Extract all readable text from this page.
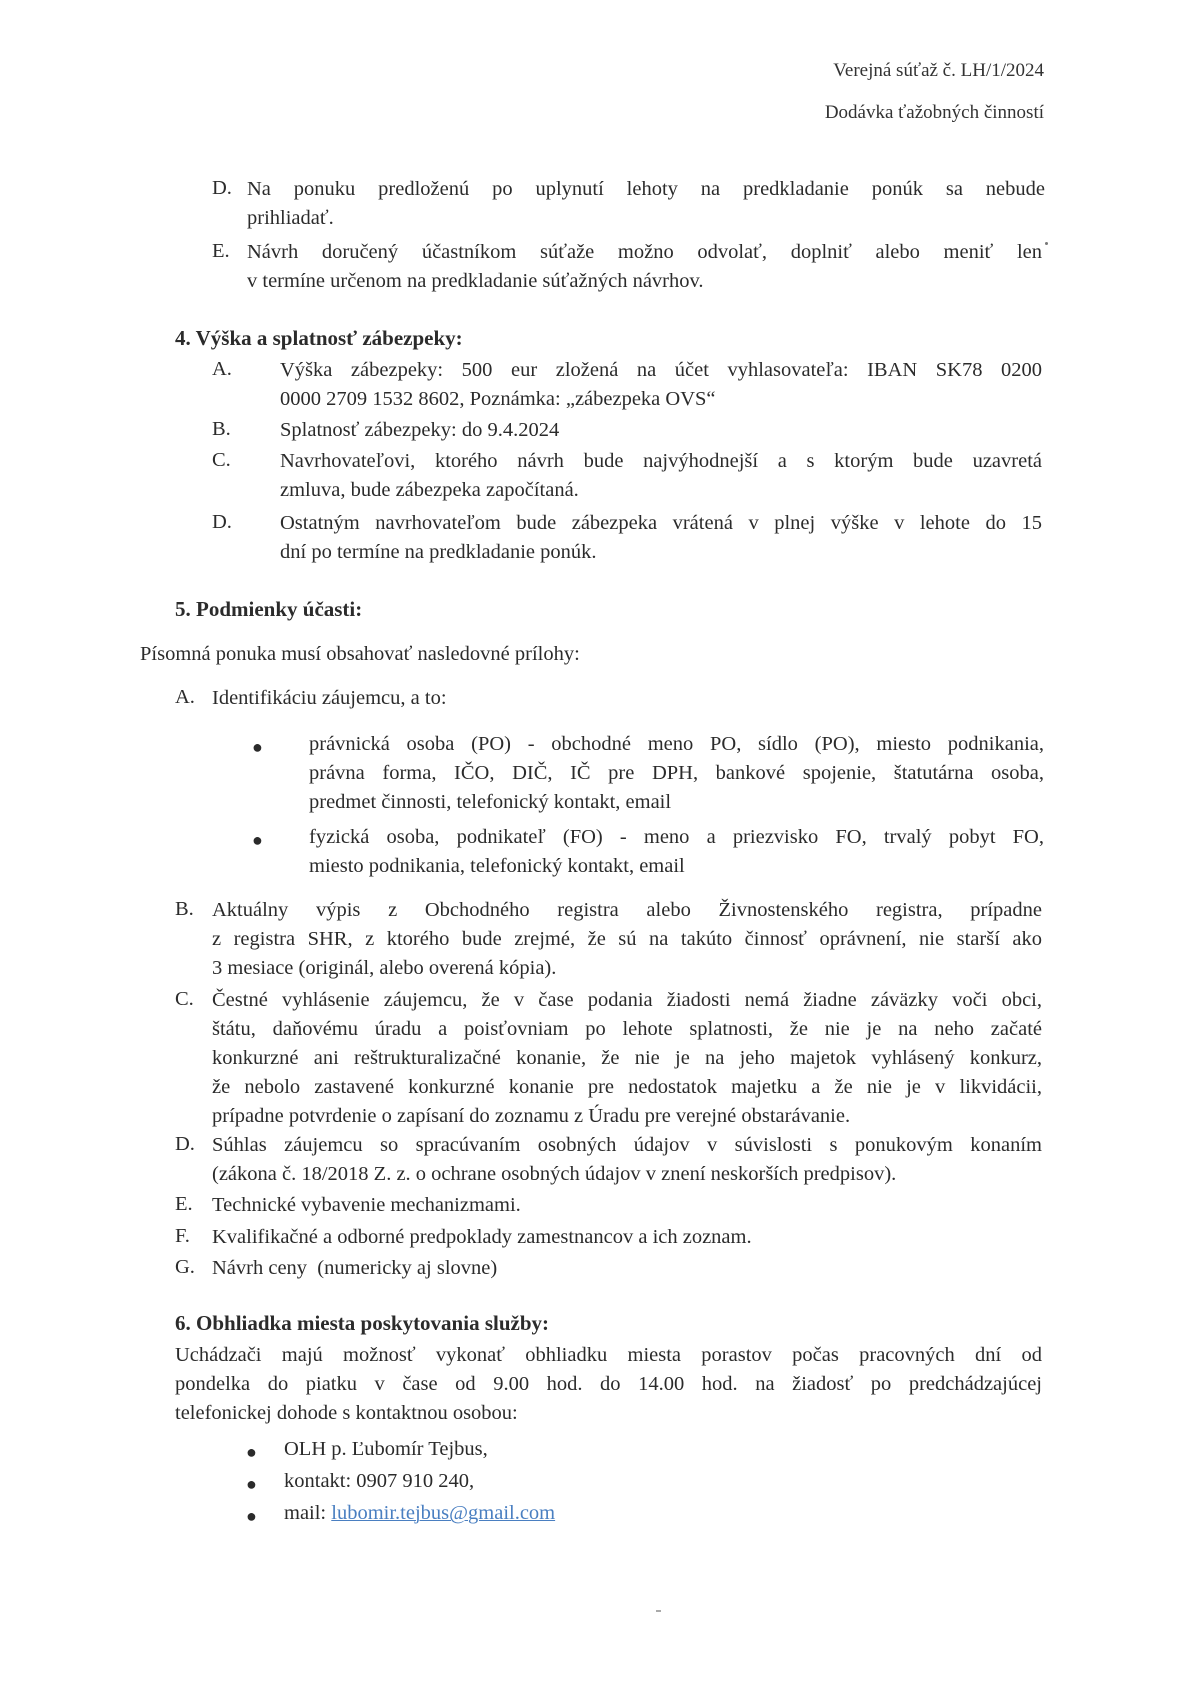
Verejná súťaž č. LH/1/2024
Dodávka ťažobných činností
D. Na ponuku predloženú po uplynutí lehoty na predkladanie ponúk sa nebude
prihliadať.
E. Návrh doručený účastníkom súťaže možno odvolať, doplniť alebo meniť len
v termíne určenom na predkladanie súťažných návrhov.
4. Výška a splatnosť zábezpeky:
A. Výška zábezpeky: 500 eur zložená na účet vyhlasovateľa: IBAN SK78 0200
0000 2709 1532 8602, Poznámka: „zábezpeka OVS“
B. Splatnosť zábezpeky: do 9.4.2024
C. Navrhovateľovi, ktorého návrh bude najvýhodnejší a s ktorým bude uzavretá
zmluva, bude zábezpeka započítaná.
D. Ostatným navrhovateľom bude zábezpeka vrátená v plnej výške v lehote do 15
dní po termíne na predkladanie ponúk.
5. Podmienky účasti:
Písomná ponuka musí obsahovať nasledovné prílohy:
A. Identifikáciu záujemcu, a to:
● právnická osoba (PO) - obchodné meno PO, sídlo (PO), miesto podnikania,
právna forma, IČO, DIČ, IČ pre DPH, bankové spojenie, štatutárna osoba,
predmet činnosti, telefonický kontakt, email
● fyzická osoba, podnikateľ (FO) - meno a priezvisko FO, trvalý pobyt FO,
miesto podnikania, telefonický kontakt, email
B. Aktuálny výpis z Obchodného registra alebo Živnostenského registra, prípadne
z registra SHR, z ktorého bude zrejmé, že sú na takúto činnosť oprávnení, nie starší ako
3 mesiace (originál, alebo overená kópia).
C. Čestné vyhlásenie záujemcu, že v čase podania žiadosti nemá žiadne záväzky voči obci,
štátu, daňovému úradu a poisťovniam po lehote splatnosti, že nie je na neho začaté
konkurzné ani reštrukturalizačné konanie, že nie je na jeho majetok vyhlásený konkurz,
že nebolo zastavené konkurzné konanie pre nedostatok majetku a že nie je v likvidácii,
prípadne potvrdenie o zapísaní do zoznamu z Úradu pre verejné obstarávanie.
D. Súhlas záujemcu so spracúvaním osobných údajov v súvislosti s ponukovým konaním
(zákona č. 18/2018 Z. z. o ochrane osobných údajov v znení neskorších predpisov).
E. Technické vybavenie mechanizmami.
F. Kvalifikačné a odborné predpoklady zamestnancov a ich zoznam.
G. Návrh ceny  (numericky aj slovne)
6. Obhliadka miesta poskytovania služby:
Uchádzači majú možnosť vykonať obhliadku miesta porastov počas pracovných dní od
pondelka do piatku v čase od 9.00 hod. do 14.00 hod. na žiadosť po predchádzajúcej
telefonickej dohode s kontaktnou osobou:
● OLH p. Ľubomír Tejbus,
● kontakt: 0907 910 240,
● mail: lubomir.tejbus@gmail.com
